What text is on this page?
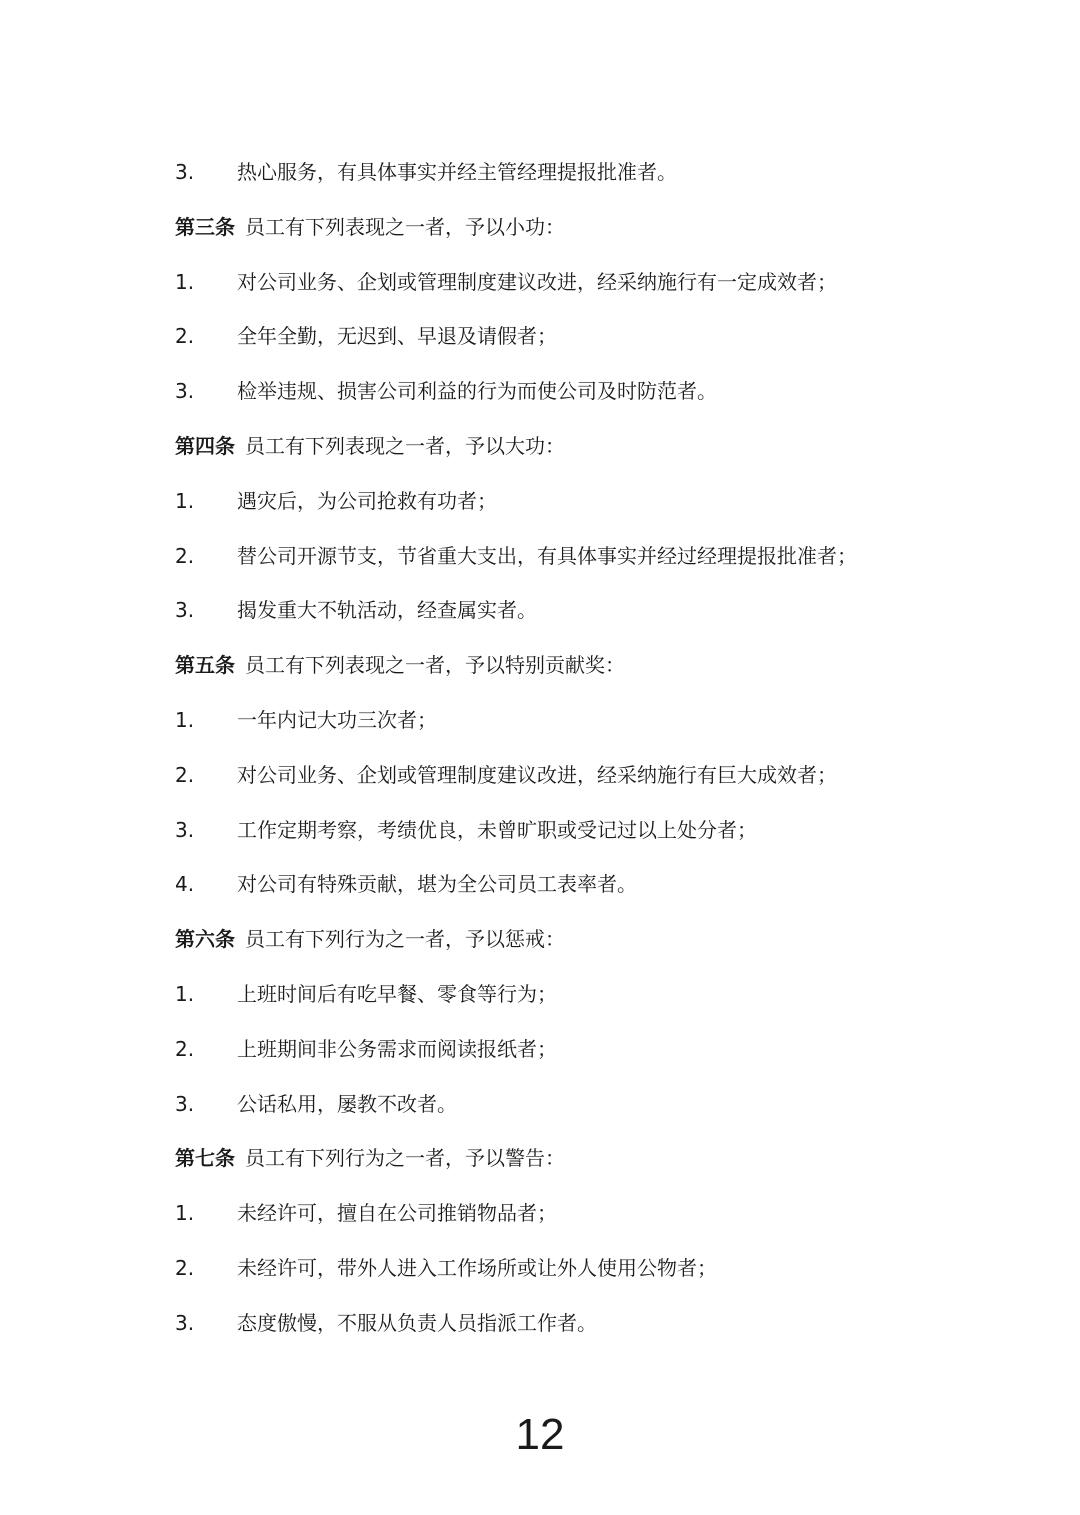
3. 热心服务，有具体事实并经主管经理提报批准者。
第三条 员工有下列表现之一者，予以小功：
1. 对公司业务、企划或管理制度建议改进，经采纳施行有一定成效者；
2. 全年全勤，无迟到、早退及请假者；
3. 检举违规、损害公司利益的行为而使公司及时防范者。
第四条 员工有下列表现之一者，予以大功：
1. 遇灾后，为公司抢救有功者；
2. 替公司开源节支，节省重大支出，有具体事实并经过经理提报批准者；
3. 揭发重大不轨活动，经查属实者。
第五条 员工有下列表现之一者，予以特别贡献奖：
1. 一年内记大功三次者；
2. 对公司业务、企划或管理制度建议改进，经采纳施行有巨大成效者；
3. 工作定期考察，考绩优良，未曾旷职或受记过以上处分者；
4. 对公司有特殊贡献，堪为全公司员工表率者。
第六条 员工有下列行为之一者，予以惩戒：
1. 上班时间后有吃早餐、零食等行为；
2. 上班期间非公务需求而阅读报纸者；
3. 公话私用，屡教不改者。
第七条 员工有下列行为之一者，予以警告：
1. 未经许可，擅自在公司推销物品者；
2. 未经许可，带外人进入工作场所或让外人使用公物者；
3. 态度傲慢，不服从负责人员指派工作者。
12
